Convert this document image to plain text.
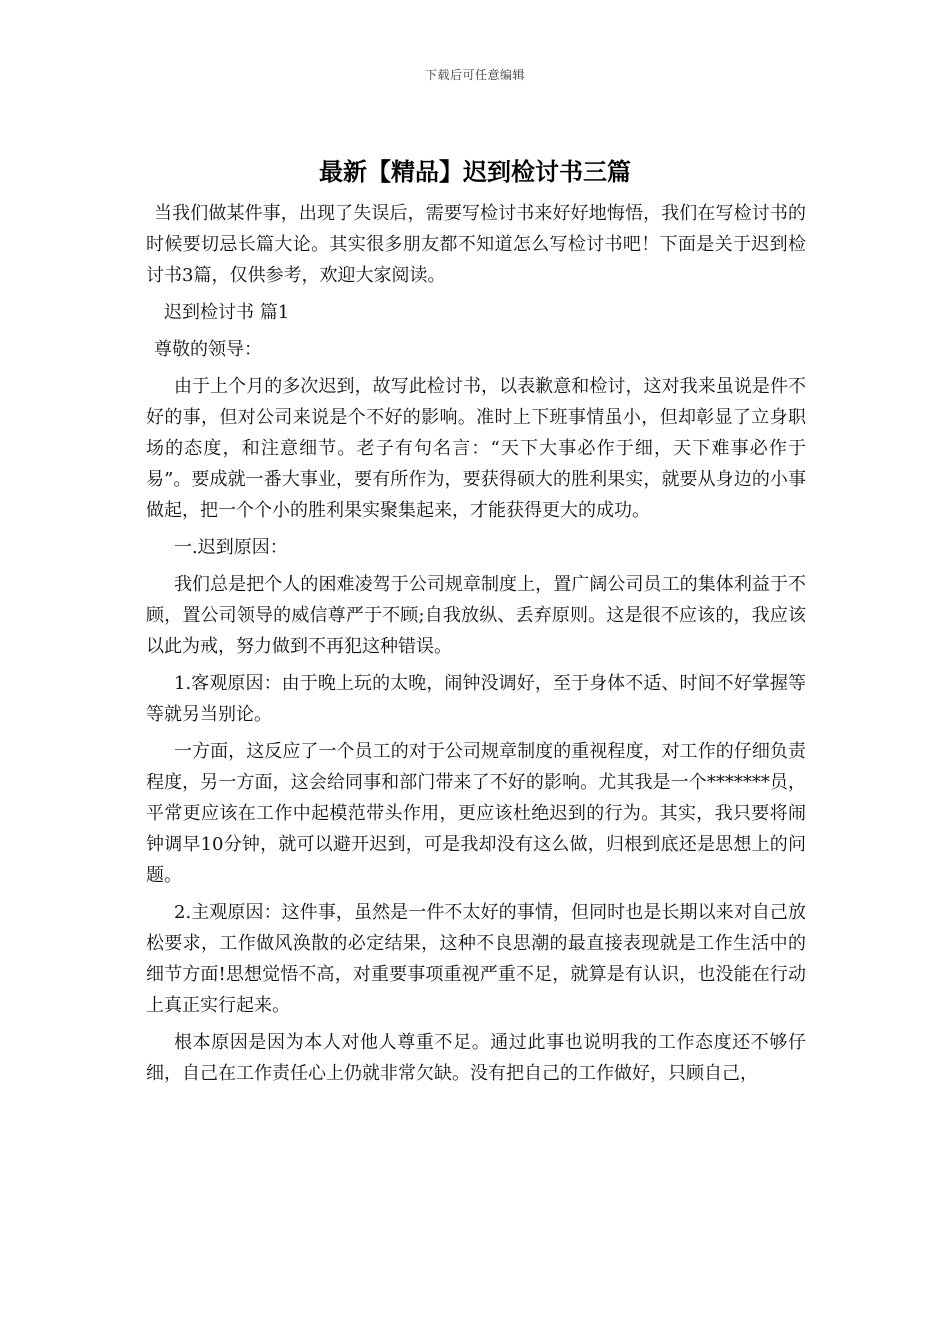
下载后可任意编辑
最新【精品】迟到检讨书三篇

当我们做某件事，出现了失误后，需要写检讨书来好好地悔悟，我们在写检讨书的时候要切忌长篇大论。其实很多朋友都不知道怎么写检讨书吧！下面是关于迟到检讨书3篇，仅供参考，欢迎大家阅读。

迟到检讨书 篇1

尊敬的领导：

由于上个月的多次迟到，故写此检讨书，以表歉意和检讨，这对我来虽说是件不好的事，但对公司来说是个不好的影响。准时上下班事情虽小，但却彰显了立身职场的态度，和注意细节。老子有句名言：“天下大事必作于细，天下难事必作于易”。要成就一番大事业，要有所作为，要获得硕大的胜利果实，就要从身边的小事做起，把一个个小的胜利果实聚集起来，才能获得更大的成功。

一.迟到原因：

我们总是把个人的困难凌驾于公司规章制度上，置广阔公司员工的集体利益于不顾，置公司领导的威信尊严于不顾;自我放纵、丢弃原则。这是很不应该的，我应该以此为戒，努力做到不再犯这种错误。

1.客观原因：由于晚上玩的太晚，闹钟没调好，至于身体不适、时间不好掌握等等就另当别论。

一方面，这反应了一个员工的对于公司规章制度的重视程度，对工作的仔细负责程度，另一方面，这会给同事和部门带来了不好的影响。尤其我是一个*******员，平常更应该在工作中起模范带头作用，更应该杜绝迟到的行为。其实，我只要将闹钟调早10分钟，就可以避开迟到，可是我却没有这么做，归根到底还是思想上的问题。

2.主观原因：这件事，虽然是一件不太好的事情，但同时也是长期以来对自己放松要求，工作做风涣散的必定结果，这种不良思潮的最直接表现就是工作生活中的细节方面!思想觉悟不高，对重要事项重视严重不足，就算是有认识，也没能在行动上真正实行起来。

根本原因是因为本人对他人尊重不足。通过此事也说明我的工作态度还不够仔细，自己在工作责任心上仍就非常欠缺。没有把自己的工作做好，只顾自己，
